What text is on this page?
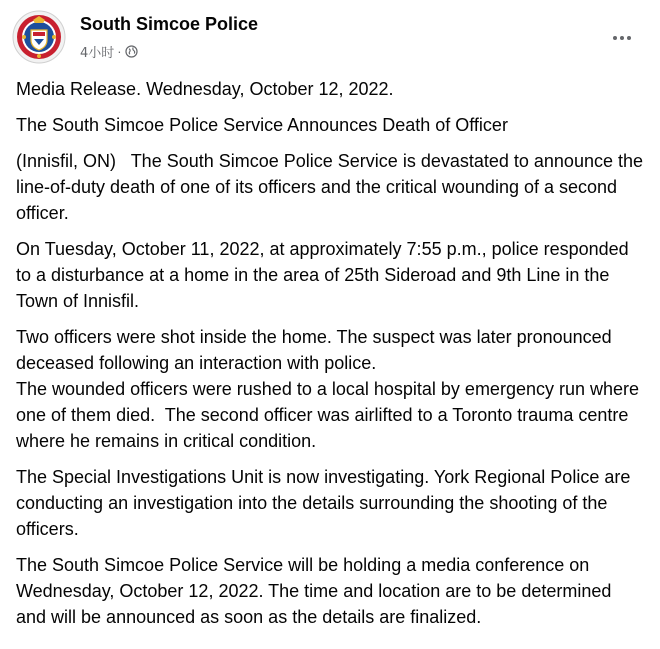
South Simcoe Police
4小时 ·

Media Release. Wednesday, October 12, 2022.

The South Simcoe Police Service Announces Death of Officer

(Innisfil, ON)   The South Simcoe Police Service is devastated to announce the line-of-duty death of one of its officers and the critical wounding of a second officer.

On Tuesday, October 11, 2022, at approximately 7:55 p.m., police responded to a disturbance at a home in the area of 25th Sideroad and 9th Line in the Town of Innisfil.

Two officers were shot inside the home. The suspect was later pronounced deceased following an interaction with police.

The wounded officers were rushed to a local hospital by emergency run where one of them died.  The second officer was airlifted to a Toronto trauma centre where he remains in critical condition.

The Special Investigations Unit is now investigating. York Regional Police are conducting an investigation into the details surrounding the shooting of the officers.

The South Simcoe Police Service will be holding a media conference on Wednesday, October 12, 2022. The time and location are to be determined and will be announced as soon as the details are finalized.
